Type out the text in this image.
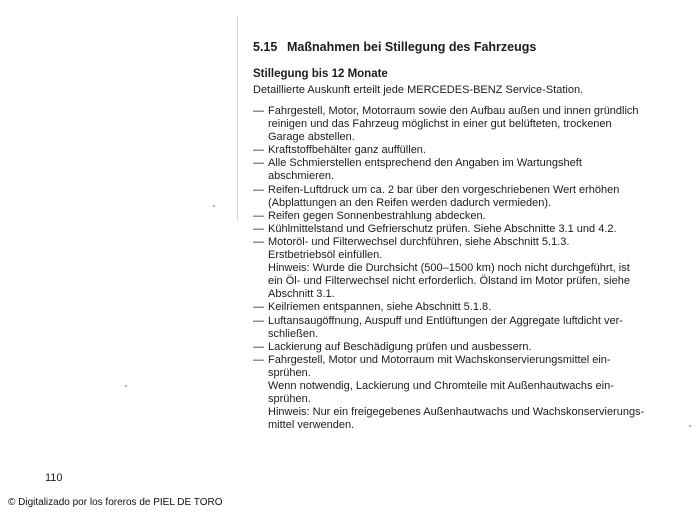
5.15 Maßnahmen bei Stillegung des Fahrzeugs
Stillegung bis 12 Monate

Detaillierte Auskunft erteilt jede MERCEDES-BENZ Service-Station.

— Fahrgestell, Motor, Motorraum sowie den Aufbau außen und innen gründlich
reinigen und das Fahrzeug möglichst in einer gut belüfteten, trockenen
Garage abstellen.
— Kraftstoffbehälter ganz auffüllen.
— Alle Schmierstellen entsprechend den Angaben im Wartungsheft
abschmieren.
— Reifen-Luftdruck um ca. 2 bar über den vorgeschriebenen Wert erhöhen
(Abplattungen an den Reifen werden dadurch vermieden).
— Reifen gegen Sonnenbestrahlung abdecken.
— Kühlmittelstand und Gefrierschutz prüfen. Siehe Abschnitte 3.1 und 4.2.
— Motoröl- und Filterwechsel durchführen, siehe Abschnitt 5.1.3.
Erstbetriebsöl einfüllen.
Hinweis: Wurde die Durchsicht (500–1500 km) noch nicht durchgeführt, ist
ein Öl- und Filterwechsel nicht erforderlich. Ölstand im Motor prüfen, siehe
Abschnitt 3.1.
— Keilriemen entspannen, siehe Abschnitt 5.1.8.
— Luftansaugöffnung, Auspuff und Entlüftungen der Aggregate luftdicht ver-
schließen.
— Lackierung auf Beschädigung prüfen und ausbessern.
— Fahrgestell, Motor und Motorraum mit Wachskonservierungsmittel ein-
sprühen.
Wenn notwendig, Lackierung und Chromteile mit Außenhautwachs ein-
sprühen.
Hinweis: Nur ein freigegebenes Außenhautwachs und Wachskonservierungs-
mittel verwenden.

110

© Digitalizado por los foreros de PIEL DE TORO
